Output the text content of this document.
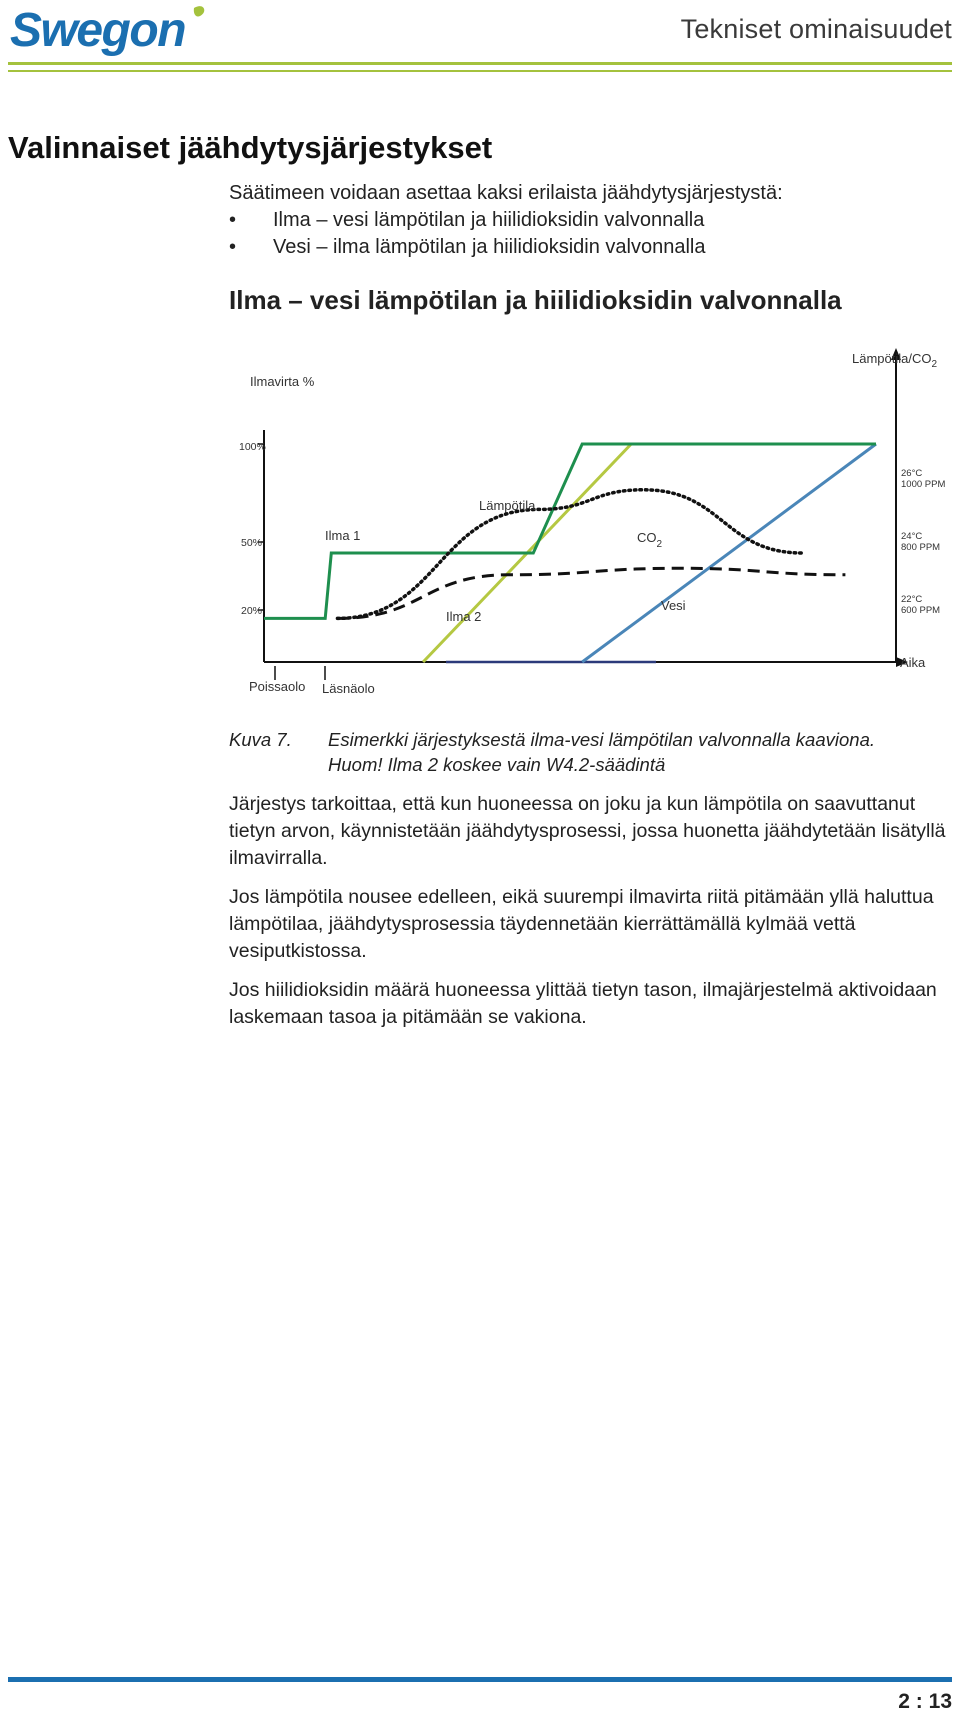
Swegon	Tekniset ominaisuudet
Valinnaiset jäähdytysjärjestykset
Säätimeen voidaan asettaa kaksi erilaista jäähdytysjärjestystä:
•	Ilma – vesi lämpötilan ja hiilidioksidin valvonnalla
•	Vesi – ilma lämpötilan ja hiilidioksidin valvonnalla
Ilma – vesi lämpötilan ja hiilidioksidin valvonnalla
100%
50%
20%
26°C
1000 PPM
24°C
800 PPM
22°C
600 PPM
Ilmavirta %
Lämpötila/$CO_2$
Aika
Poissaolo Läsnäolo
Ilma 1
Ilma 2
Vesi
Lämpötila
$CO_2$
Kuva 7.	Esimerkki järjestyksestä ilma-vesi lämpötilan valvonnalla kaaviona.
Huom! Ilma 2 koskee vain W4.2-säädintä
Järjestys tarkoittaa, että kun huoneessa on joku ja kun lämpötila on saavuttanut tietyn arvon, käynnistetään jäähdytysprosessi, jossa huonetta jäähdytetään lisätyllä ilmavirralla.
Jos lämpötila nousee edelleen, eikä suurempi ilmavirta riitä pitämään yllä haluttua lämpötilaa, jäähdytysprosessia täydennetään kierrättämällä kylmää vettä vesiputkistossa.
Jos hiilidioksidin määrä huoneessa ylittää tietyn tason, ilmajärjestelmä aktivoidaan laskemaan tasoa ja pitämään se vakiona.
2 : 13
